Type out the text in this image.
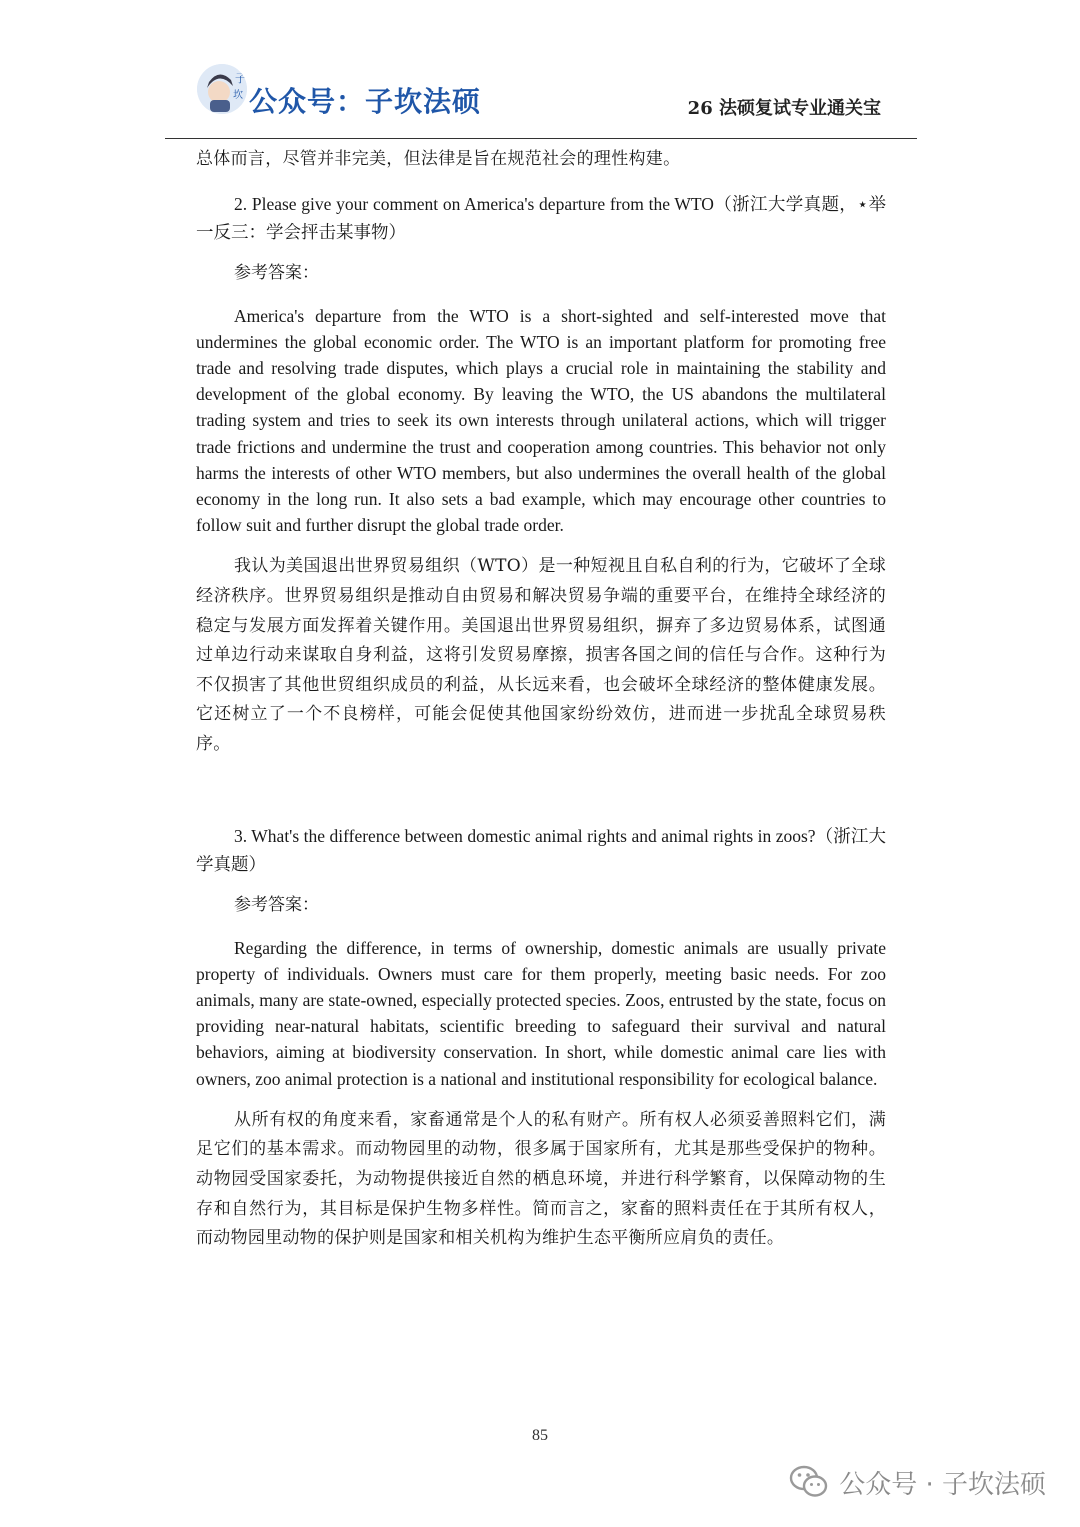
子
坎 公众号：子坎法硕	26 法硕复试专业通关宝

总体而言，尽管并非完美，但法律是旨在规范社会的理性构建。

2. Please give your comment on America's departure from the WTO（浙江大学真题，⋆举一反三：学会抨击某事物）

参考答案：

America's departure from the WTO is a short-sighted and self-interested move that undermines the global economic order. The WTO is an important platform for promoting free trade and resolving trade disputes, which plays a crucial role in maintaining the stability and development of the global economy. By leaving the WTO, the US abandons the multilateral trading system and tries to seek its own interests through unilateral actions, which will trigger trade frictions and undermine the trust and cooperation among countries. This behavior not only harms the interests of other WTO members, but also undermines the overall health of the global economy in the long run. It also sets a bad example, which may encourage other countries to follow suit and further disrupt the global trade order.

我认为美国退出世界贸易组织（WTO）是一种短视且自私自利的行为，它破坏了全球经济秩序。世界贸易组织是推动自由贸易和解决贸易争端的重要平台，在维持全球经济的稳定与发展方面发挥着关键作用。美国退出世界贸易组织，摒弃了多边贸易体系，试图通过单边行动来谋取自身利益，这将引发贸易摩擦，损害各国之间的信任与合作。这种行为不仅损害了其他世贸组织成员的利益，从长远来看，也会破坏全球经济的整体健康发展。它还树立了一个不良榜样，可能会促使其他国家纷纷效仿，进而进一步扰乱全球贸易秩序。

3. What's the difference between domestic animal rights and animal rights in zoos?（浙江大学真题）

参考答案：

Regarding the difference, in terms of ownership, domestic animals are usually private property of individuals. Owners must care for them properly, meeting basic needs. For zoo animals, many are state-owned, especially protected species. Zoos, entrusted by the state, focus on providing near-natural habitats, scientific breeding to safeguard their survival and natural behaviors, aiming at biodiversity conservation. In short, while domestic animal care lies with owners, zoo animal protection is a national and institutional responsibility for ecological balance.

从所有权的角度来看，家畜通常是个人的私有财产。所有权人必须妥善照料它们，满足它们的基本需求。而动物园里的动物，很多属于国家所有，尤其是那些受保护的物种。动物园受国家委托，为动物提供接近自然的栖息环境，并进行科学繁育，以保障动物的生存和自然行为，其目标是保护生物多样性。简而言之，家畜的照料责任在于其所有权人，而动物园里动物的保护则是国家和相关机构为维护生态平衡所应肩负的责任。

85
公众号 · 子坎法硕
